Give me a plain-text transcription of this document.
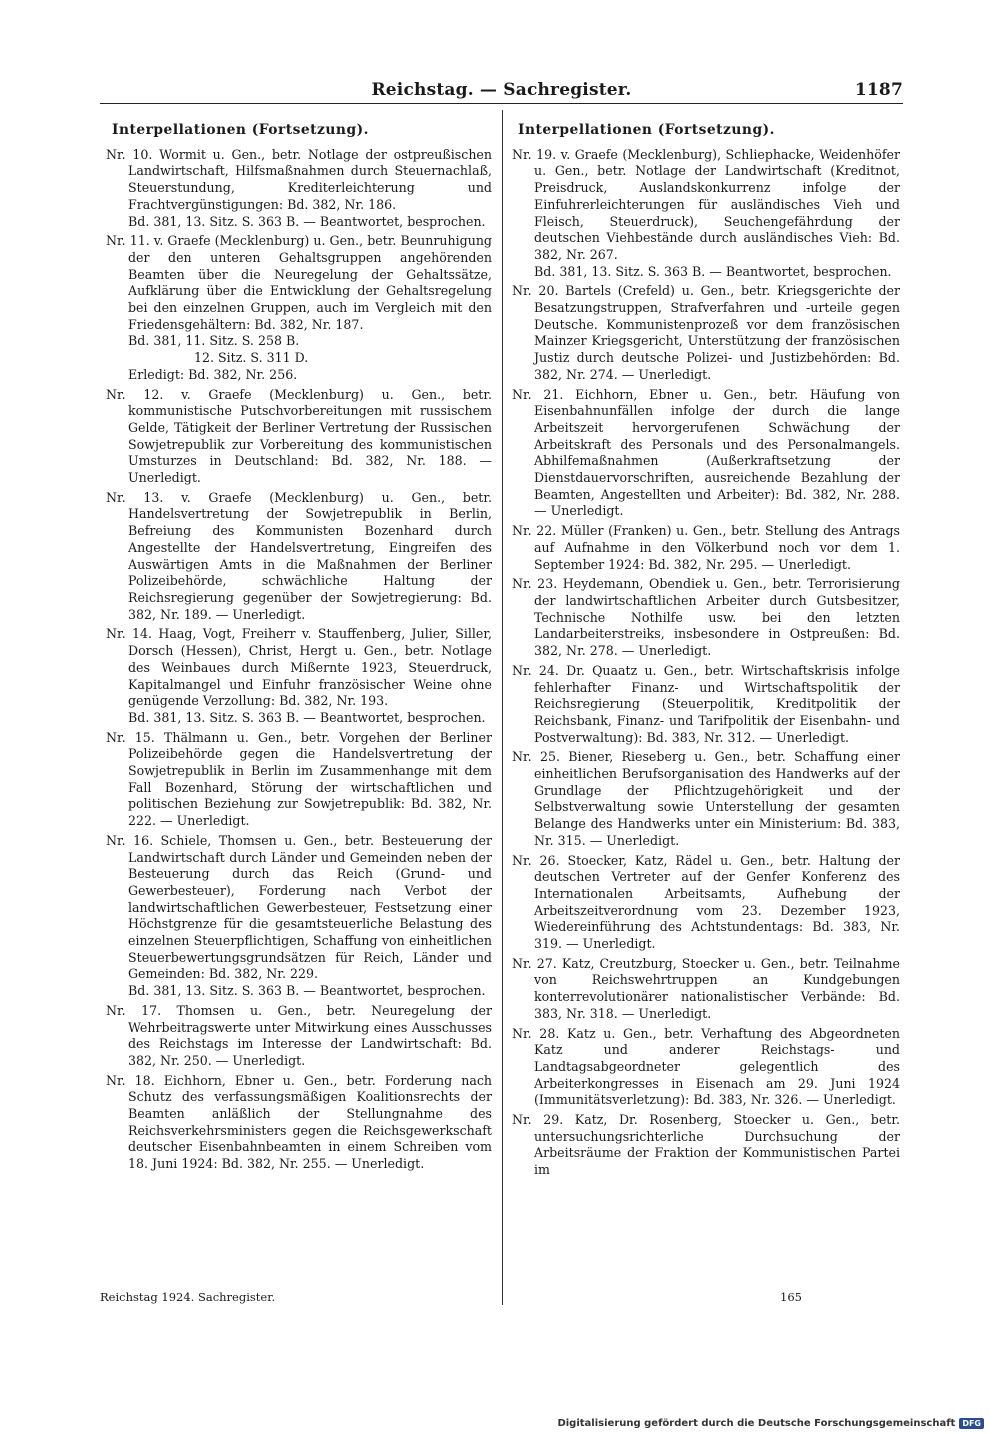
Reichstag. — Sachregister.	1187
Interpellationen (Fortsetzung).
Nr. 10. Wormit u. Gen., betr. Notlage der ostpreußischen Landwirtschaft, Hilfsmaßnahmen durch Steuernachlaß, Steuerstundung, Krediterleichterung und Frachtvergünstigungen: Bd. 382, Nr. 186.
Bd. 381, 13. Sitz. S. 363 B. — Beantwortet, besprochen.
Nr. 11. v. Graefe (Mecklenburg) u. Gen., betr. Beunruhigung der den unteren Gehaltsgruppen angehörenden Beamten über die Neuregelung der Gehaltssätze, Aufklärung über die Entwicklung der Gehaltsregelung bei den einzelnen Gruppen, auch im Vergleich mit den Friedensgehältern: Bd. 382, Nr. 187.
Bd. 381, 11. Sitz. S. 258 B.
12. Sitz. S. 311 D.
Erledigt: Bd. 382, Nr. 256.
Nr. 12. v. Graefe (Mecklenburg) u. Gen., betr. kommunistische Putschvorbereitungen mit russischem Gelde, Tätigkeit der Berliner Vertretung der Russischen Sowjetrepublik zur Vorbereitung des kommunistischen Umsturzes in Deutschland: Bd. 382, Nr. 188. — Unerledigt.
Nr. 13. v. Graefe (Mecklenburg) u. Gen., betr. Handelsvertretung der Sowjetrepublik in Berlin, Befreiung des Kommunisten Bozenhard durch Angestellte der Handelsvertretung, Eingreifen des Auswärtigen Amts in die Maßnahmen der Berliner Polizeibehörde, schwächliche Haltung der Reichsregierung gegenüber der Sowjetregierung: Bd. 382, Nr. 189. — Unerledigt.
Nr. 14. Haag, Vogt, Freiherr v. Stauffenberg, Julier, Siller, Dorsch (Hessen), Christ, Hergt u. Gen., betr. Notlage des Weinbaues durch Mißernte 1923, Steuerdruck, Kapitalmangel und Einfuhr französischer Weine ohne genügende Verzollung: Bd. 382, Nr. 193.
Bd. 381, 13. Sitz. S. 363 B. — Beantwortet, besprochen.
Nr. 15. Thälmann u. Gen., betr. Vorgehen der Berliner Polizeibehörde gegen die Handelsvertretung der Sowjetrepublik in Berlin im Zusammenhange mit dem Fall Bozenhard, Störung der wirtschaftlichen und politischen Beziehung zur Sowjetrepublik: Bd. 382, Nr. 222. — Unerledigt.
Nr. 16. Schiele, Thomsen u. Gen., betr. Besteuerung der Landwirtschaft durch Länder und Gemeinden neben der Besteuerung durch das Reich (Grund- und Gewerbesteuer), Forderung nach Verbot der landwirtschaftlichen Gewerbesteuer, Festsetzung einer Höchstgrenze für die gesamtsteuerliche Belastung des einzelnen Steuerpflichtigen, Schaffung von einheitlichen Steuerbewertungsgrundsätzen für Reich, Länder und Gemeinden: Bd. 382, Nr. 229.
Bd. 381, 13. Sitz. S. 363 B. — Beantwortet, besprochen.
Nr. 17. Thomsen u. Gen., betr. Neuregelung der Wehrbeitragswerte unter Mitwirkung eines Ausschusses des Reichstags im Interesse der Landwirtschaft: Bd. 382, Nr. 250. — Unerledigt.
Nr. 18. Eichhorn, Ebner u. Gen., betr. Forderung nach Schutz des verfassungsmäßigen Koalitionsrechts der Beamten anläßlich der Stellungnahme des Reichsverkehrsministers gegen die Reichsgewerkschaft deutscher Eisenbahnbeamten in einem Schreiben vom 18. Juni 1924: Bd. 382, Nr. 255. — Unerledigt.
Interpellationen (Fortsetzung).
Nr. 19. v. Graefe (Mecklenburg), Schliephacke, Weidenhöfer u. Gen., betr. Notlage der Landwirtschaft (Kreditnot, Preisdruck, Auslandskonkurrenz infolge der Einfuhrerleichterungen für ausländisches Vieh und Fleisch, Steuerdruck), Seuchengefährdung der deutschen Viehbestände durch ausländisches Vieh: Bd. 382, Nr. 267.
Bd. 381, 13. Sitz. S. 363 B. — Beantwortet, besprochen.
Nr. 20. Bartels (Crefeld) u. Gen., betr. Kriegsgerichte der Besatzungstruppen, Strafverfahren und -urteile gegen Deutsche. Kommunistenprozeß vor dem französischen Mainzer Kriegsgericht, Unterstützung der französischen Justiz durch deutsche Polizei- und Justizbehörden: Bd. 382, Nr. 274. — Unerledigt.
Nr. 21. Eichhorn, Ebner u. Gen., betr. Häufung von Eisenbahnunfällen infolge der durch die lange Arbeitszeit hervorgerufenen Schwächung der Arbeitskraft des Personals und des Personalmangels. Abhilfemaßnahmen (Außerkraftsetzung der Dienstdauervorschriften, ausreichende Bezahlung der Beamten, Angestellten und Arbeiter): Bd. 382, Nr. 288. — Unerledigt.
Nr. 22. Müller (Franken) u. Gen., betr. Stellung des Antrags auf Aufnahme in den Völkerbund noch vor dem 1. September 1924: Bd. 382, Nr. 295. — Unerledigt.
Nr. 23. Heydemann, Obendiek u. Gen., betr. Terrorisierung der landwirtschaftlichen Arbeiter durch Gutsbesitzer, Technische Nothilfe usw. bei den letzten Landarbeiterstreiks, insbesondere in Ostpreußen: Bd. 382, Nr. 278. — Unerledigt.
Nr. 24. Dr. Quaatz u. Gen., betr. Wirtschaftskrisis infolge fehlerhafter Finanz- und Wirtschaftspolitik der Reichsregierung (Steuerpolitik, Kreditpolitik der Reichsbank, Finanz- und Tarifpolitik der Eisenbahn- und Postverwaltung): Bd. 383, Nr. 312. — Unerledigt.
Nr. 25. Biener, Rieseberg u. Gen., betr. Schaffung einer einheitlichen Berufsorganisation des Handwerks auf der Grundlage der Pflichtzugehörigkeit und der Selbstverwaltung sowie Unterstellung der gesamten Belange des Handwerks unter ein Ministerium: Bd. 383, Nr. 315. — Unerledigt.
Nr. 26. Stoecker, Katz, Rädel u. Gen., betr. Haltung der deutschen Vertreter auf der Genfer Konferenz des Internationalen Arbeitsamts, Aufhebung der Arbeitszeitverordnung vom 23. Dezember 1923, Wiedereinführung des Achtstundentags: Bd. 383, Nr. 319. — Unerledigt.
Nr. 27. Katz, Creutzburg, Stoecker u. Gen., betr. Teilnahme von Reichswehrtruppen an Kundgebungen konterrevolutionärer nationalistischer Verbände: Bd. 383, Nr. 318. — Unerledigt.
Nr. 28. Katz u. Gen., betr. Verhaftung des Abgeordneten Katz und anderer Reichstags- und Landtagsabgeordneter gelegentlich des Arbeiterkongresses in Eisenach am 29. Juni 1924 (Immunitätsverletzung): Bd. 383, Nr. 326. — Unerledigt.
Nr. 29. Katz, Dr. Rosenberg, Stoecker u. Gen., betr. untersuchungsrichterliche Durchsuchung der Arbeitsräume der Fraktion der Kommunistischen Partei im
Reichstag 1924. Sachregister.	165
Digitalisierung gefördert durch die Deutsche Forschungsgemeinschaft DFG
